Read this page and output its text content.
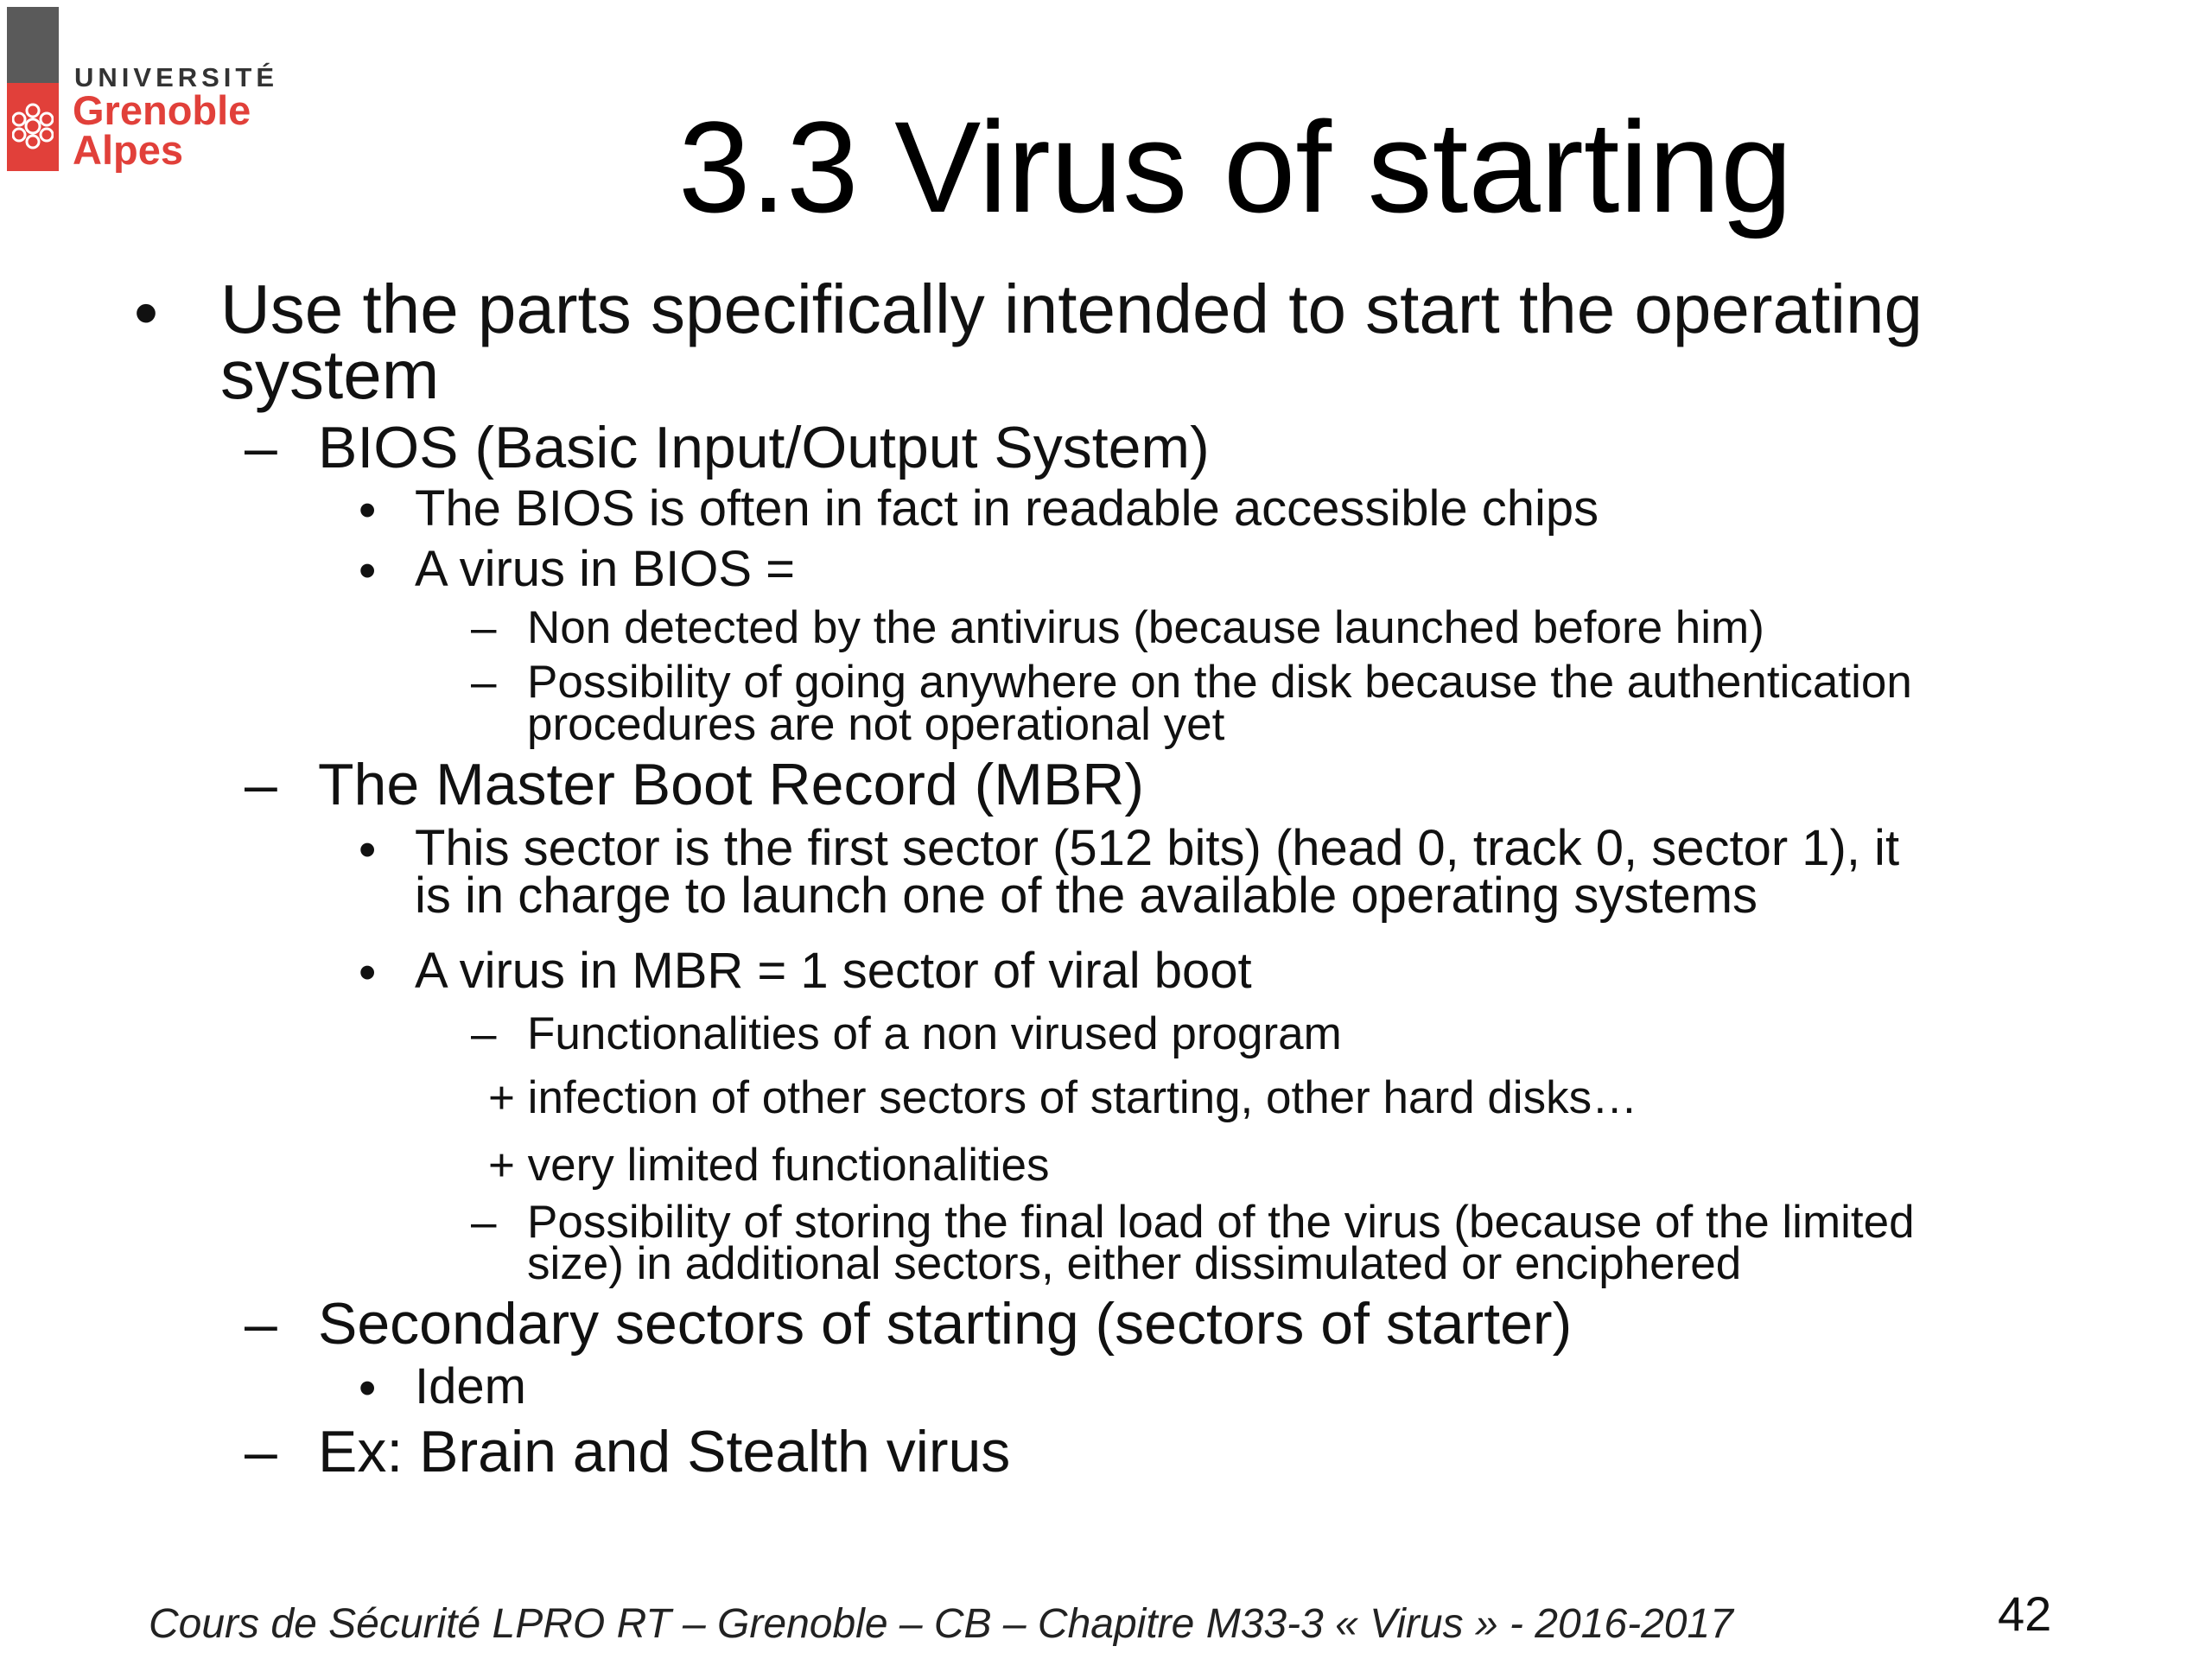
UNIVERSITÉ
Grenoble
Alpes	3.3 Virus of starting
• Use the parts specifically intended to start the operating
system
– BIOS (Basic Input/Output System)
• The BIOS is often in fact in readable accessible chips
• A virus in BIOS =
– Non detected by the antivirus (because launched before him)
– Possibility of going anywhere on the disk because the authentication
procedures are not operational yet
– The Master Boot Record (MBR)
• This sector is the first sector (512 bits) (head 0, track 0, sector 1), it
is in charge to launch one of the available operating systems
• A virus in MBR = 1 sector of viral boot
– Functionalities of a non virused program
+ infection of other sectors of starting, other hard disks…
+ very limited functionalities
– Possibility of storing the final load of the virus (because of the limited
size) in additional sectors, either dissimulated or enciphered
– Secondary sectors of starting (sectors of starter)
• Idem
– Ex: Brain and Stealth virus
Cours de Sécurité LPRO RT – Grenoble – CB – Chapitre M33-3 « Virus » - 2016-2017	42
